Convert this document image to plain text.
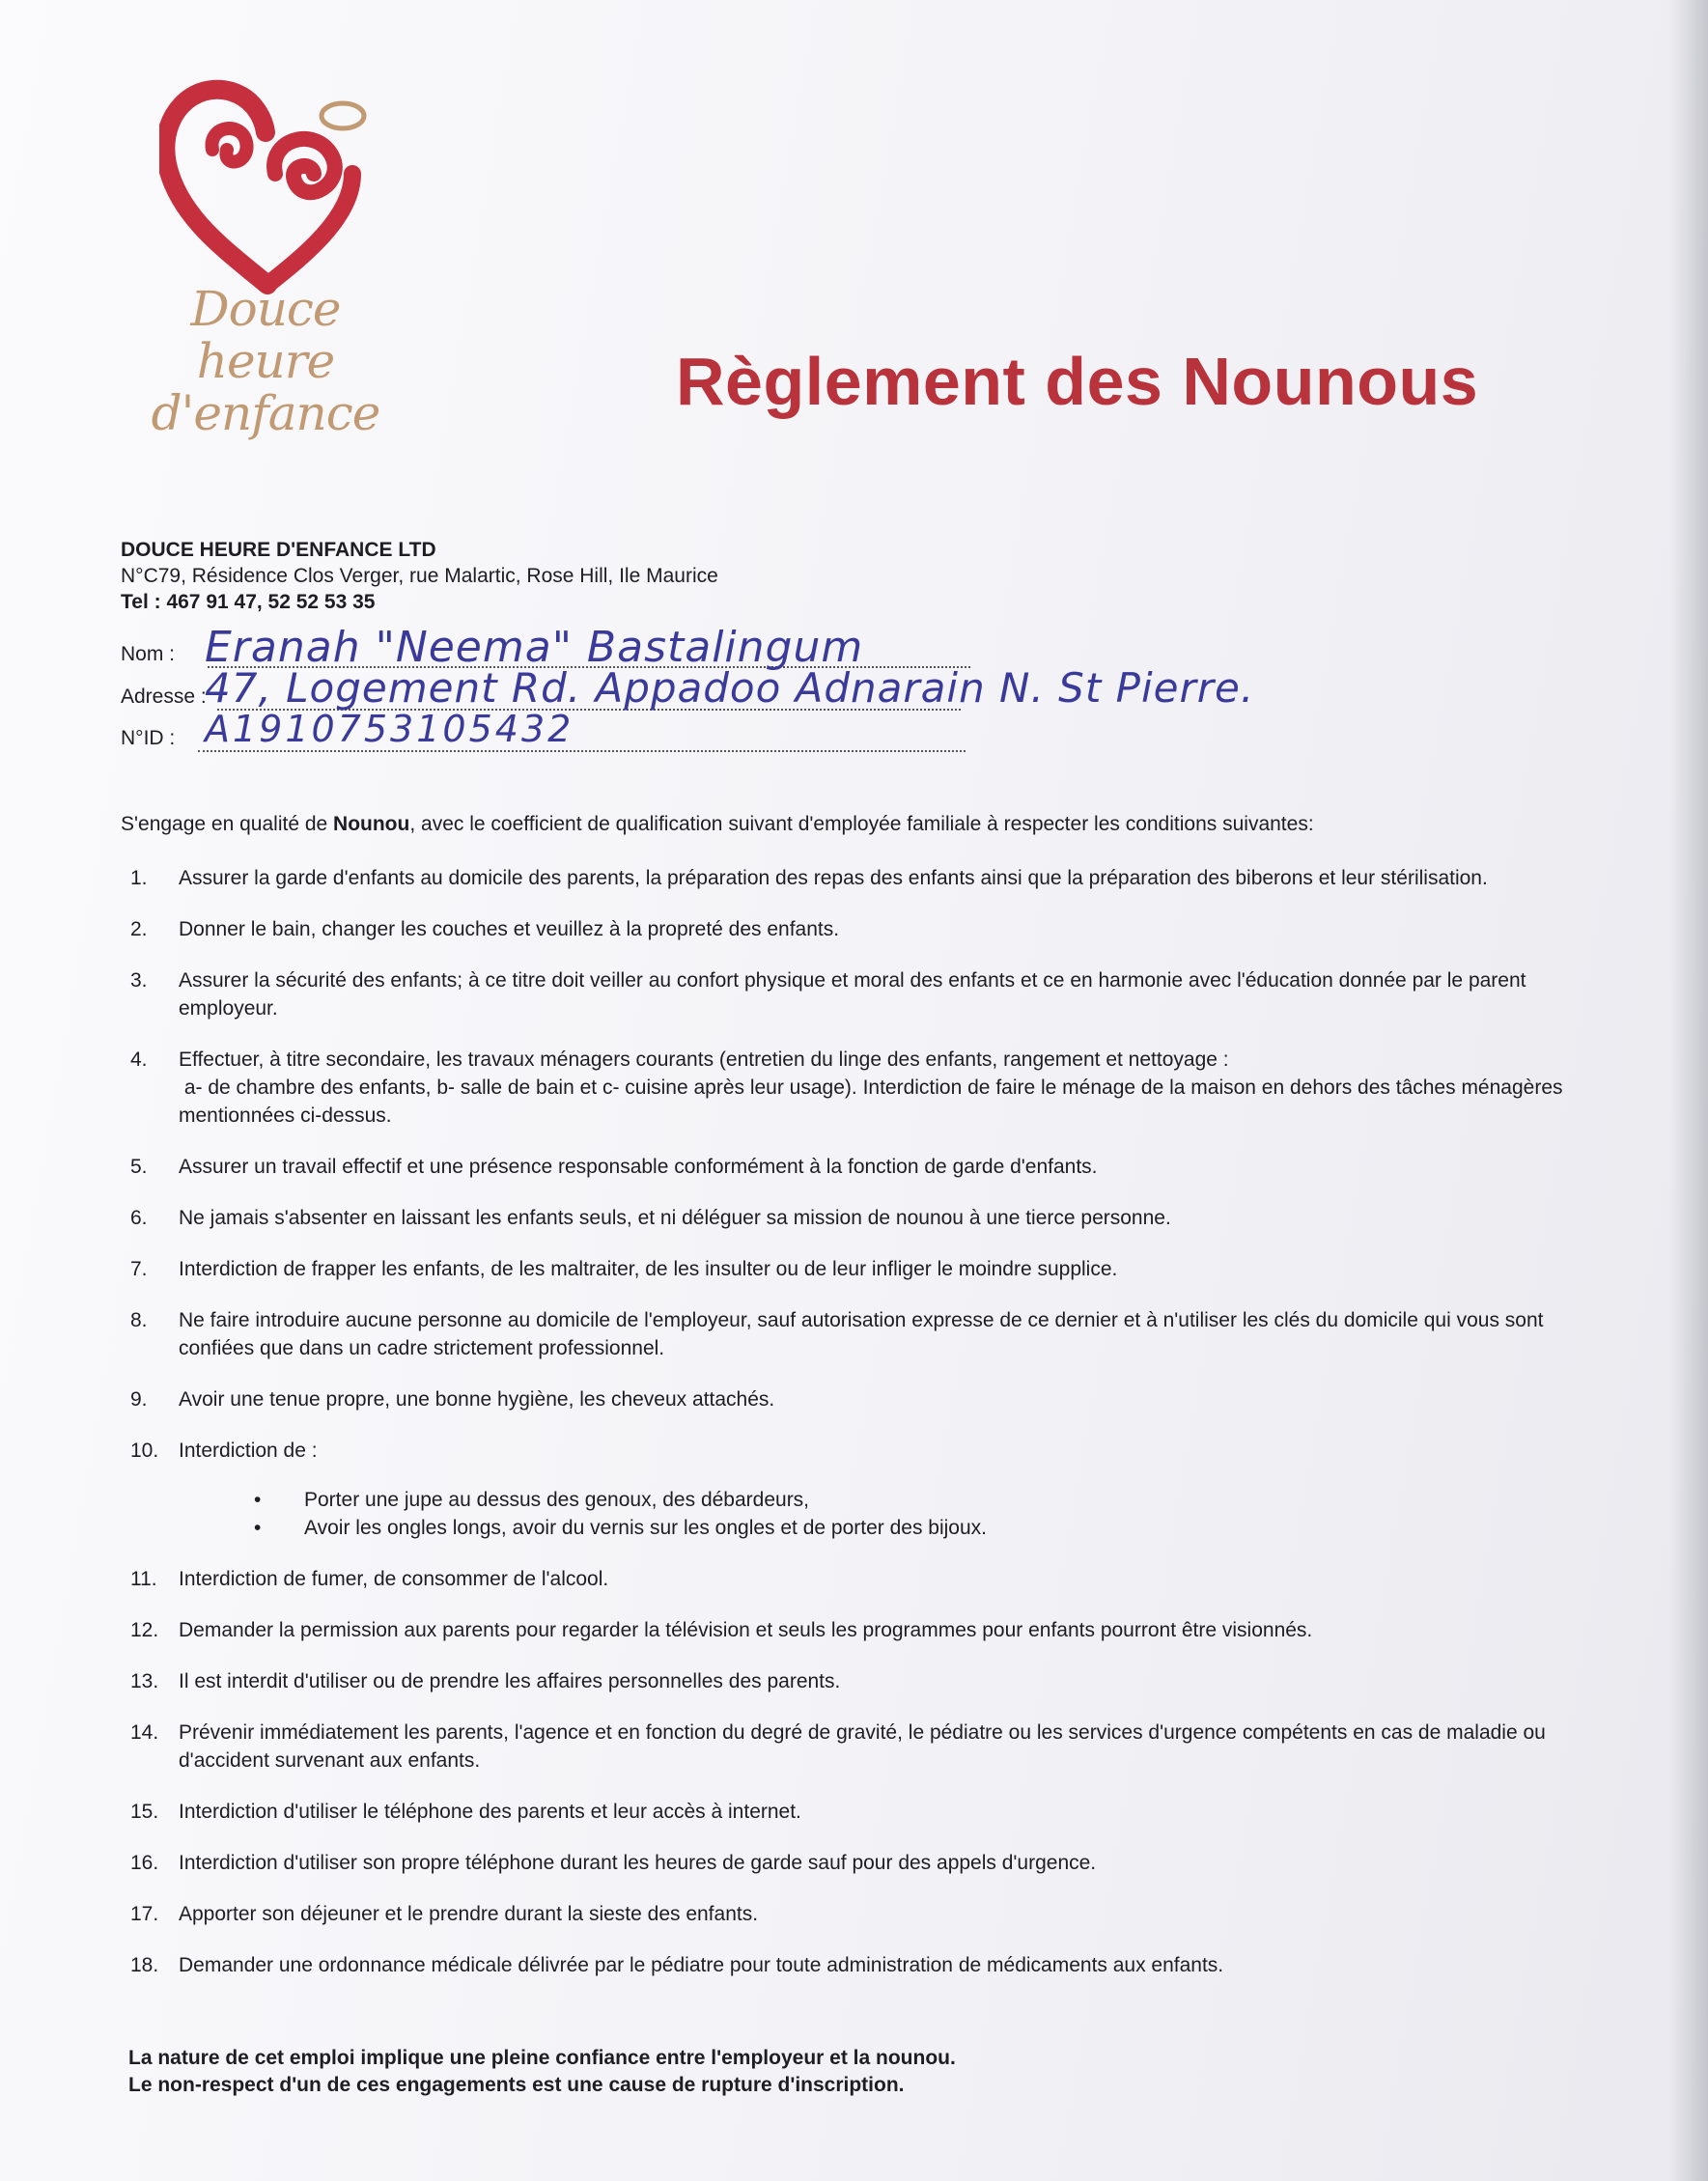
Douce heure
d'enfance	Règlement des Nounous
DOUCE HEURE D'ENFANCE LTD
N°C79, Résidence Clos Verger, rue Malartic, Rose Hill, Ile Maurice
Tel : 467 91 47, 52 52 53 35
Nom : Eranah "Neema" Bastalingum
Adresse :
47, Logement Rd. Appadoo Adnarain N. St Pierre.
N°ID : A1910753105432
S'engage en qualité de Nounou, avec le coefficient de qualification suivant d'employée familiale à respecter les conditions suivantes:
1. Assurer la garde d'enfants au domicile des parents, la préparation des repas des enfants ainsi que la préparation des biberons et leur stérilisation.
2. Donner le bain, changer les couches et veuillez à la propreté des enfants.
3. Assurer la sécurité des enfants; à ce titre doit veiller au confort physique et moral des enfants et ce en harmonie avec l'éducation donnée par le parent employeur.
4. Effectuer, à titre secondaire, les travaux ménagers courants (entretien du linge des enfants, rangement et nettoyage :
a- de chambre des enfants, b- salle de bain et c- cuisine après leur usage). Interdiction de faire le ménage de la maison en dehors des tâches ménagères mentionnées ci-dessus.
5. Assurer un travail effectif et une présence responsable conformément à la fonction de garde d'enfants.
6. Ne jamais s'absenter en laissant les enfants seuls, et ni déléguer sa mission de nounou à une tierce personne.
7. Interdiction de frapper les enfants, de les maltraiter, de les insulter ou de leur infliger le moindre supplice.
8. Ne faire introduire aucune personne au domicile de l'employeur, sauf autorisation expresse de ce dernier et à n'utiliser les clés du domicile qui vous sont confiées que dans un cadre strictement professionnel.
9. Avoir une tenue propre, une bonne hygiène, les cheveux attachés.
10. Interdiction de :
• Porter une jupe au dessus des genoux, des débardeurs,
• Avoir les ongles longs, avoir du vernis sur les ongles et de porter des bijoux.
11. Interdiction de fumer, de consommer de l'alcool.
12. Demander la permission aux parents pour regarder la télévision et seuls les programmes pour enfants pourront être visionnés.
13. Il est interdit d'utiliser ou de prendre les affaires personnelles des parents.
14. Prévenir immédiatement les parents, l'agence et en fonction du degré de gravité, le pédiatre ou les services d'urgence compétents en cas de maladie ou d'accident survenant aux enfants.
15. Interdiction d'utiliser le téléphone des parents et leur accès à internet.
16. Interdiction d'utiliser son propre téléphone durant les heures de garde sauf pour des appels d'urgence.
17. Apporter son déjeuner et le prendre durant la sieste des enfants.
18. Demander une ordonnance médicale délivrée par le pédiatre pour toute administration de médicaments aux enfants.
La nature de cet emploi implique une pleine confiance entre l'employeur et la nounou.
Le non-respect d'un de ces engagements est une cause de rupture d'inscription.
